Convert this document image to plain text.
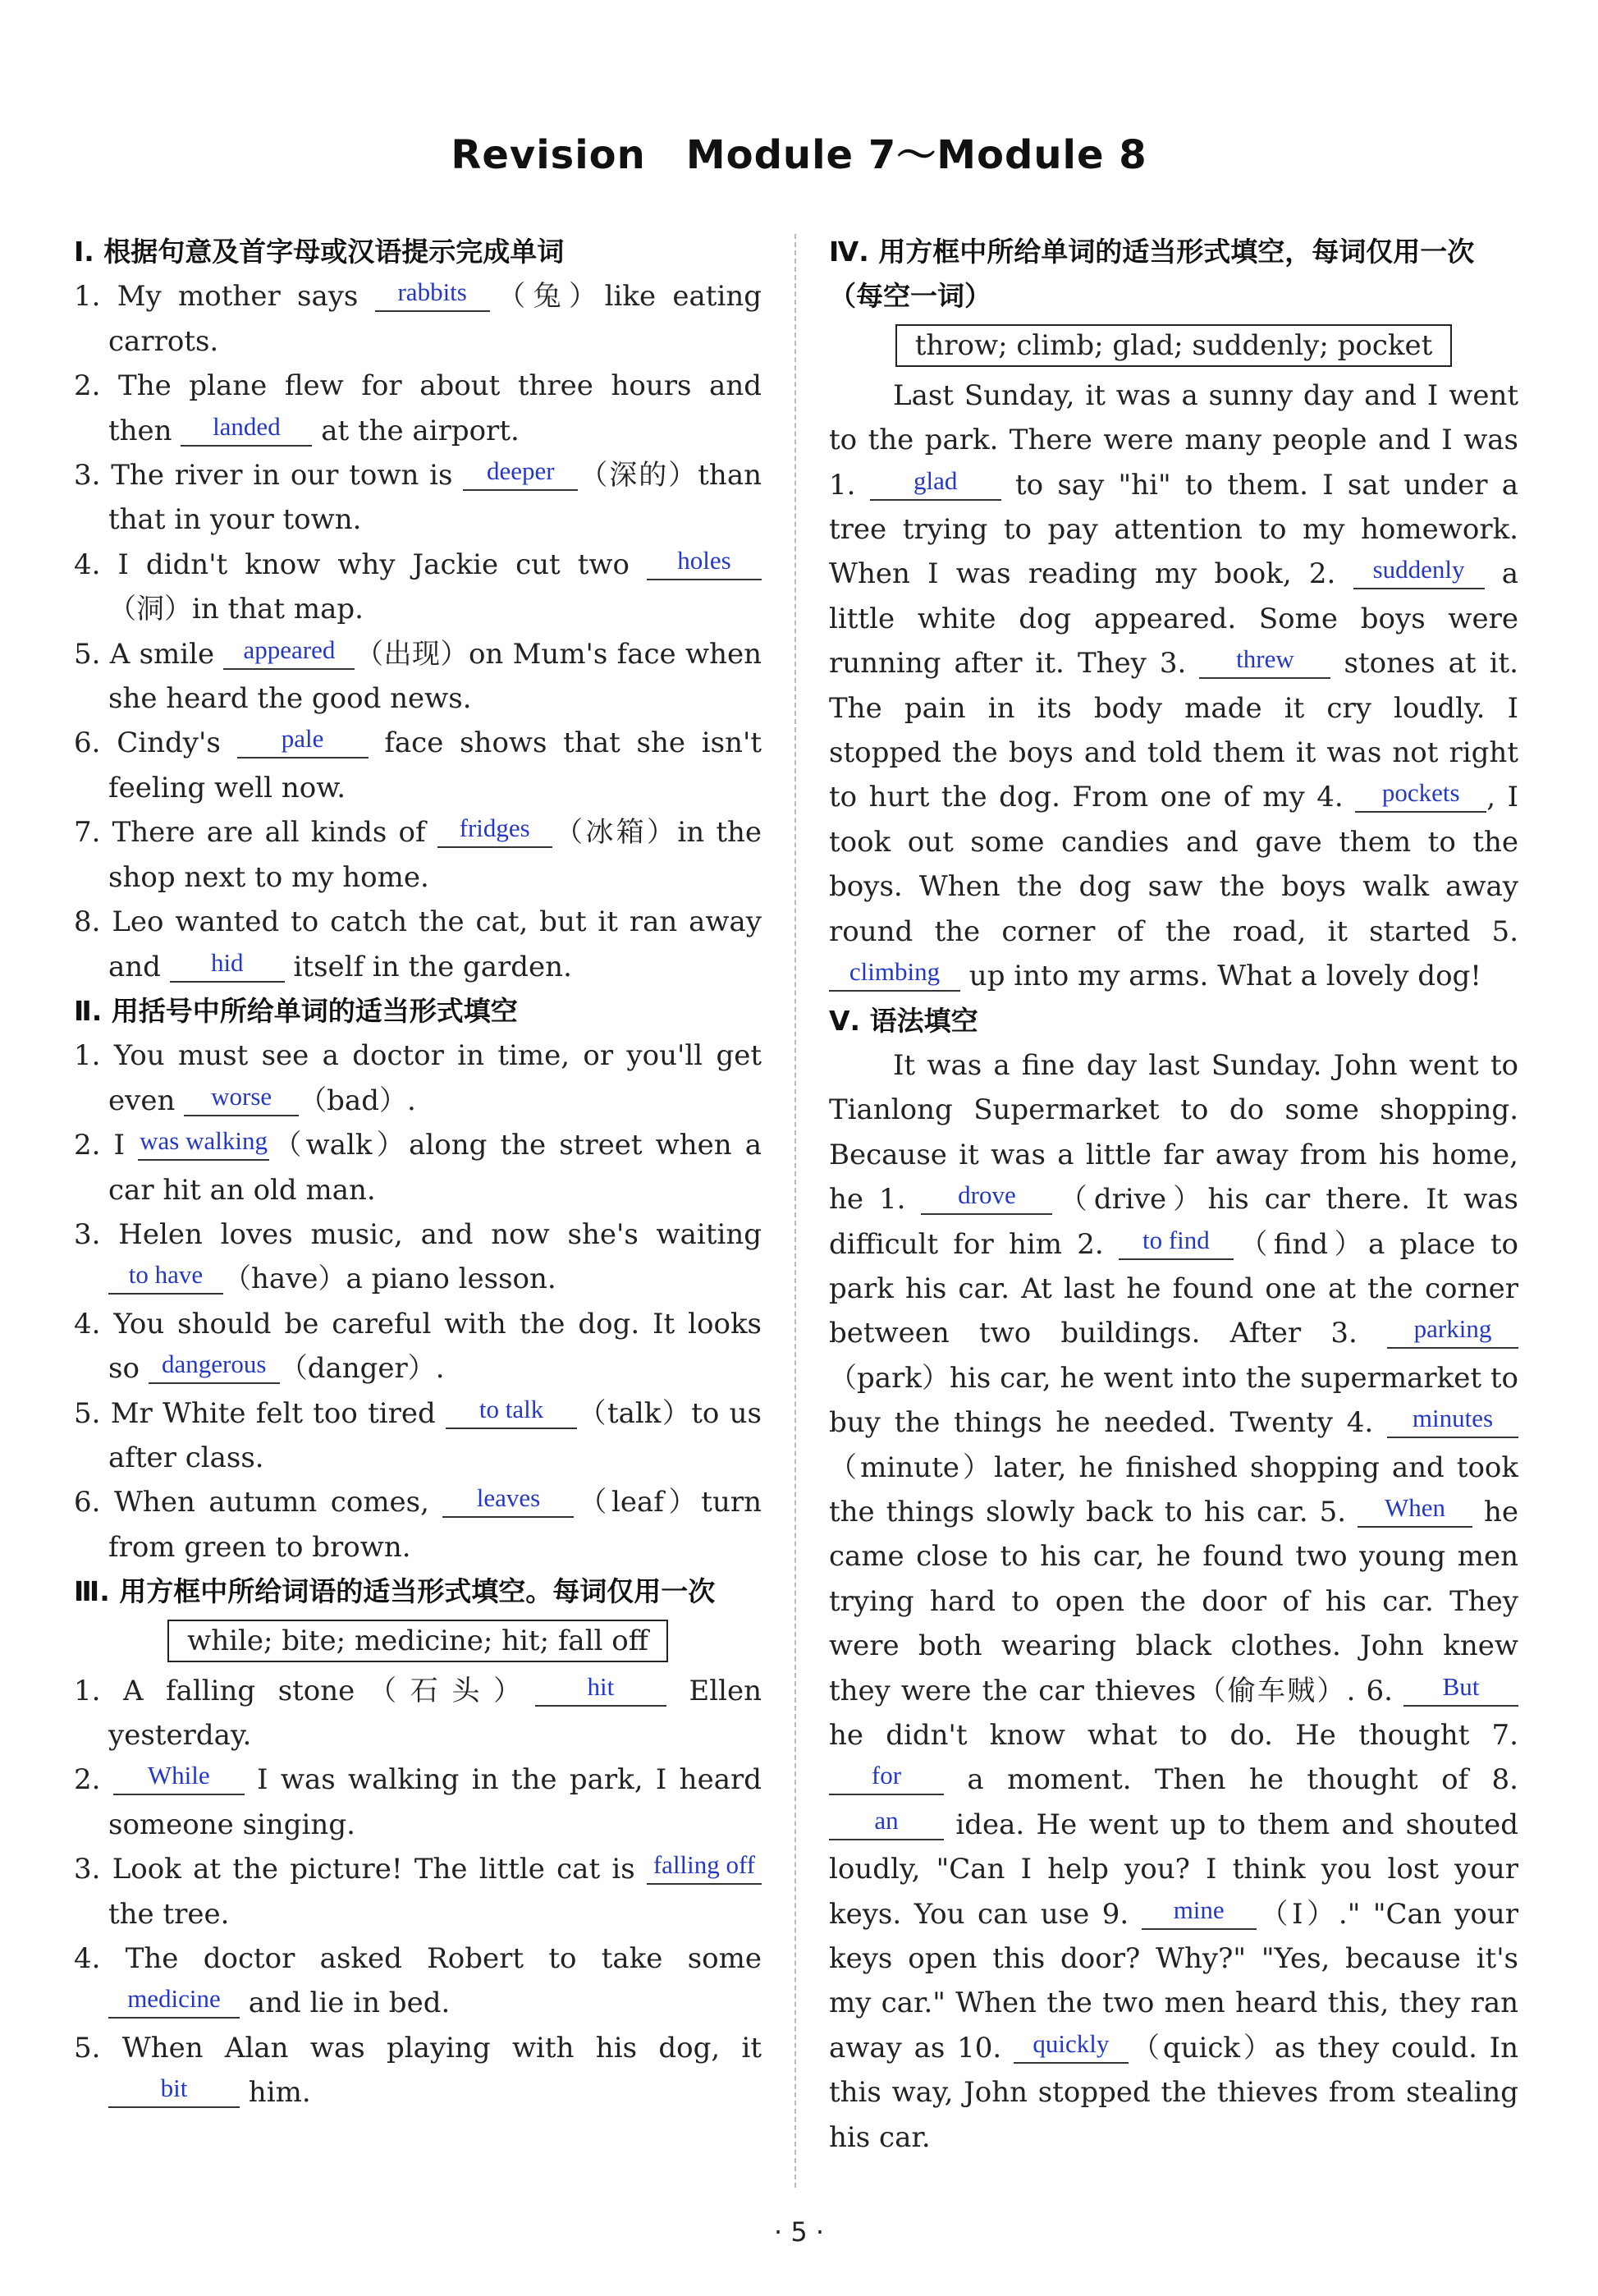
Revision　Module 7～Module 8
Ⅰ. 根据句意及首字母或汉语提示完成单词
1. My mother says rabbits （兔）like eating carrots.
2. The plane flew for about three hours and then landed at the airport.
3. The river in our town is deeper （深的）than that in your town.
4. I didn't know why Jackie cut two holes（洞）in that map.
5. A smile appeared （出现）on Mum's face when she heard the good news.
6. Cindy's pale face shows that she isn't feeling well now.
7. There are all kinds of fridges （冰箱）in the shop next to my home.
8. Leo wanted to catch the cat, but it ran away and hid itself in the garden.
Ⅱ. 用括号中所给单词的适当形式填空
1. You must see a doctor in time, or you'll get even worse （bad）.
2. I was walking（walk）along the street when a car hit an old man.
3. Helen loves music, and now she's waiting to have （have）a piano lesson.
4. You should be careful with the dog. It looks so dangerous （danger）.
5. Mr White felt too tired to talk （talk）to us after class.
6. When autumn comes, leaves （leaf）turn from green to brown.
Ⅲ. 用方框中所给词语的适当形式填空。每词仅用一次
while; bite; medicine; hit; fall off
1. A falling stone（石头） hit Ellen yesterday.
2. While I was walking in the park, I heard someone singing.
3. Look at the picture! The little cat is falling off the tree.
4. The doctor asked Robert to take some medicine and lie in bed.
5. When Alan was playing with his dog, it bit him.
Ⅳ. 用方框中所给单词的适当形式填空，每词仅用一次（每空一词）
throw; climb; glad; suddenly; pocket
Last Sunday, it was a sunny day and I went to the park. There were many people and I was 1. glad to say "hi" to them. I sat under a tree trying to pay attention to my homework. When I was reading my book, 2. suddenly a little white dog appeared. Some boys were running after it. They 3. threw stones at it. The pain in its body made it cry loudly. I stopped the boys and told them it was not right to hurt the dog. From one of my 4. pockets , I took out some candies and gave them to the boys. When the dog saw the boys walk away round the corner of the road, it started 5. climbing up into my arms. What a lovely dog!
Ⅴ. 语法填空
It was a fine day last Sunday. John went to Tianlong Supermarket to do some shopping. Because it was a little far away from his home, he 1. drove （drive）his car there. It was difficult for him 2. to find （find）a place to park his car. At last he found one at the corner between two buildings. After 3. parking（park）his car, he went into the supermarket to buy the things he needed. Twenty 4. minutes（minute）later, he finished shopping and took the things slowly back to his car. 5. When he came close to his car, he found two young men trying hard to open the door of his car. They were both wearing black clothes. John knew they were the car thieves（偷车贼）. 6. But he didn't know what to do. He thought 7. for a moment. Then he thought of 8. an idea. He went up to them and shouted loudly, "Can I help you? I think you lost your keys. You can use 9. mine （I）." "Can your keys open this door? Why?" "Yes, because it's my car." When the two men heard this, they ran away as 10. quickly （quick）as they could. In this way, John stopped the thieves from stealing his car.
· 5 ·
